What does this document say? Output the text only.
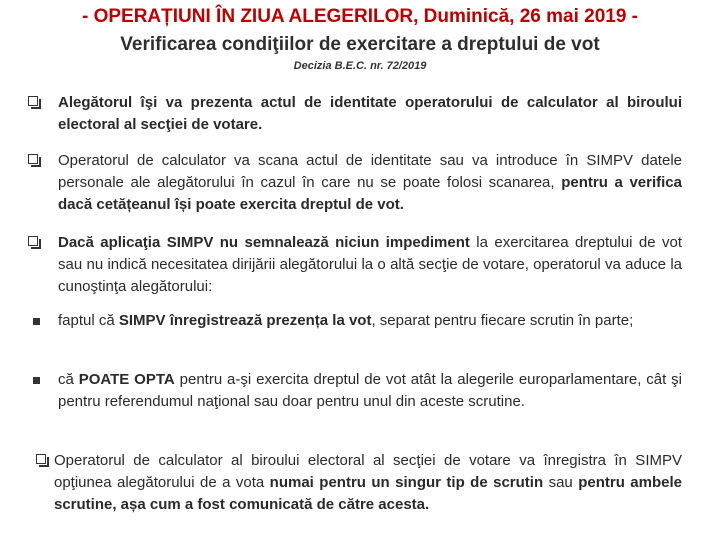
- OPERAȚIUNI ÎN ZIUA ALEGERILOR, Duminică, 26 mai 2019 -
Verificarea condiţiilor de exercitare a dreptului de vot
Decizia B.E.C. nr. 72/2019
Alegătorul îşi va prezenta actul de identitate operatorului de calculator al biroului electoral al secţiei de votare.
Operatorul de calculator va scana actul de identitate sau va introduce în SIMPV datele personale ale alegătorului în cazul în care nu se poate folosi scanarea, pentru a verifica dacă cetățeanul își poate exercita dreptul de vot.
Dacă aplicaţia SIMPV nu semnalează niciun impediment la exercitarea dreptului de vot sau nu indică necesitatea dirijării alegătorului la o altă secţie de votare, operatorul va aduce la cunoştinţa alegătorului:
faptul că SIMPV înregistrează prezența la vot, separat pentru fiecare scrutin în parte;
că POATE OPTA pentru a-şi exercita dreptul de vot atât la alegerile europarlamentare, cât şi pentru referendumul naţional sau doar pentru unul din aceste scrutine.
Operatorul de calculator al biroului electoral al secţiei de votare va înregistra în SIMPV opţiunea alegătorului de a vota numai pentru un singur tip de scrutin sau pentru ambele scrutine, așa cum a fost comunicată de către acesta.
